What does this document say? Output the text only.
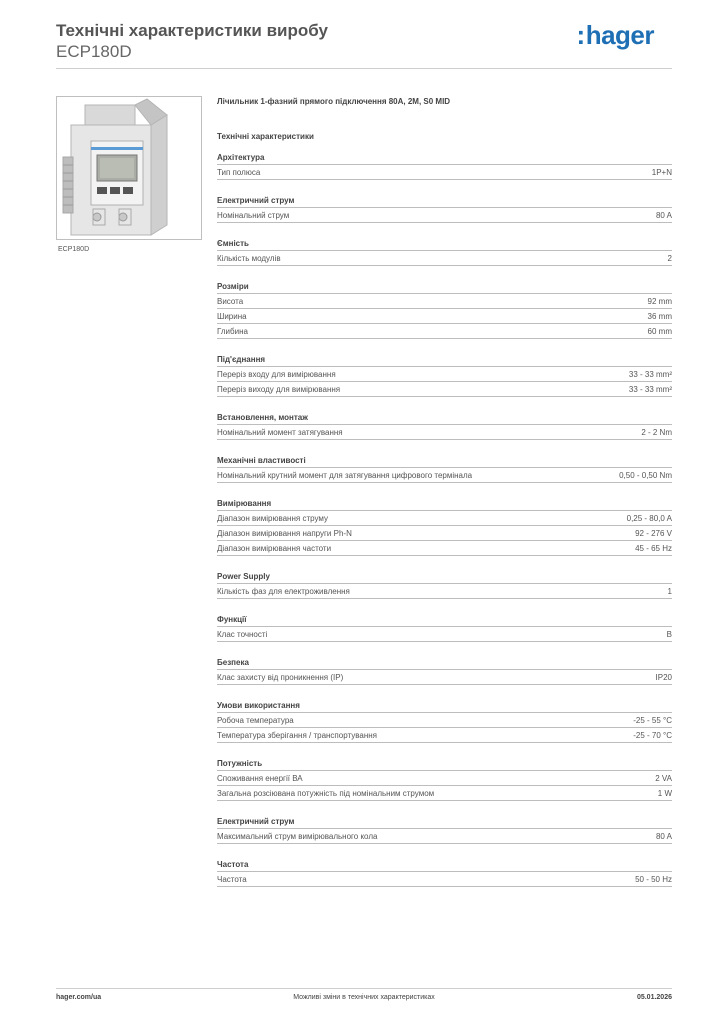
Технічні характеристики виробу
ECP180D
:hager
ECP180D
Лічильник 1-фазний прямого підключення 80A, 2M, S0 MID
Технічні характеристики
Архітектура
Тип полюса	1P+N
Електричний струм
Номінальний струм	80 A
Ємність
Кількість модулів	2
Розміри
Висота	92 mm
Ширина	36 mm
Глибина	60 mm
Під'єднання
Переріз входу для вимірювання	33 - 33 mm²
Переріз виходу для вимірювання	33 - 33 mm²
Встановлення, монтаж
Номінальний момент затягування	2 - 2 Nm
Механічні властивості
Номінальний крутний момент для затягування цифрового термінала	0,50 - 0,50 Nm
Вимірювання
Діапазон вимірювання струму	0,25 - 80,0 A
Діапазон вимірювання напруги Ph-N	92 - 276 V
Діапазон вимірювання частоти	45 - 65 Hz
Power Supply
Кількість фаз для електроживлення	1
Функції
Клас точності	B
Безпека
Клас захисту від проникнення (IP)	IP20
Умови використання
Робоча температура	-25 - 55 °C
Температура зберігання / транспортування	-25 - 70 °C
Потужність
Споживання енергії ВА	2 VA
Загальна розсіювана потужність під номінальним струмом	1 W
Електричний струм
Максимальний струм вимірювального кола	80 A
Частота
Частота	50 - 50 Hz
Можливі зміни в технічних характеристиках
hager.com/ua	05.01.2026
